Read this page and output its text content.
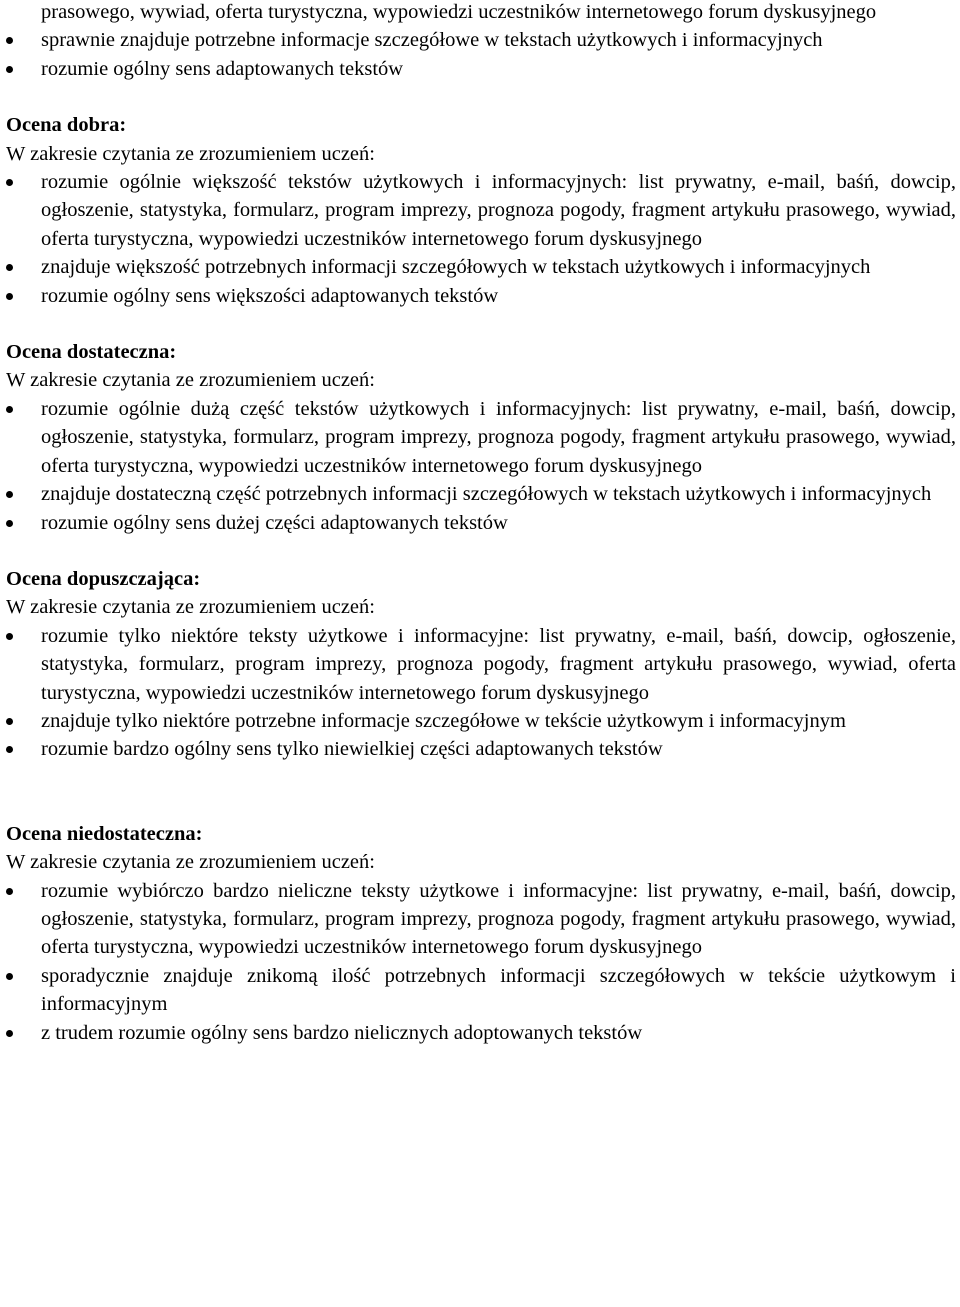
prasowego, wywiad, oferta turystyczna, wypowiedzi uczestników internetowego forum dyskusyjnego

sprawnie znajduje potrzebne informacje szczegółowe w tekstach użytkowych i informacyjnych
rozumie ogólny sens adaptowanych tekstów

Ocena dobra:

W zakresie czytania ze zrozumieniem uczeń:

rozumie ogólnie większość tekstów użytkowych i informacyjnych: list prywatny, e-mail, baśń, dowcip, ogłoszenie, statystyka, formularz, program imprezy, prognoza pogody, fragment artykułu prasowego, wywiad, oferta turystyczna, wypowiedzi uczestników internetowego forum dyskusyjnego
znajduje większość potrzebnych informacji szczegółowych w tekstach użytkowych i informacyjnych
rozumie ogólny sens większości adaptowanych tekstów

Ocena dostateczna:

W zakresie czytania ze zrozumieniem uczeń:

rozumie ogólnie dużą część tekstów użytkowych i informacyjnych: list prywatny, e-mail, baśń, dowcip, ogłoszenie, statystyka, formularz, program imprezy, prognoza pogody, fragment artykułu prasowego, wywiad, oferta turystyczna, wypowiedzi uczestników internetowego forum dyskusyjnego
znajduje dostateczną część potrzebnych informacji szczegółowych w tekstach użytkowych i informacyjnych
rozumie ogólny sens dużej części adaptowanych tekstów

Ocena dopuszczająca:

W zakresie czytania ze zrozumieniem uczeń:

rozumie tylko niektóre teksty użytkowe i informacyjne: list prywatny, e-mail, baśń, dowcip, ogłoszenie, statystyka, formularz, program imprezy, prognoza pogody, fragment artykułu prasowego, wywiad, oferta turystyczna, wypowiedzi uczestników internetowego forum dyskusyjnego
znajduje tylko niektóre potrzebne informacje szczegółowe w tekście użytkowym i informacyjnym
rozumie bardzo ogólny sens tylko niewielkiej części adaptowanych tekstów

Ocena niedostateczna:

W zakresie czytania ze zrozumieniem uczeń:

rozumie wybiórczo bardzo nieliczne teksty użytkowe i informacyjne: list prywatny, e-mail, baśń, dowcip, ogłoszenie, statystyka, formularz, program imprezy, prognoza pogody, fragment artykułu prasowego, wywiad, oferta turystyczna, wypowiedzi uczestników internetowego forum dyskusyjnego
sporadycznie znajduje znikomą ilość potrzebnych informacji szczegółowych w tekście użytkowym i informacyjnym
z trudem rozumie ogólny sens bardzo nielicznych adoptowanych tekstów
